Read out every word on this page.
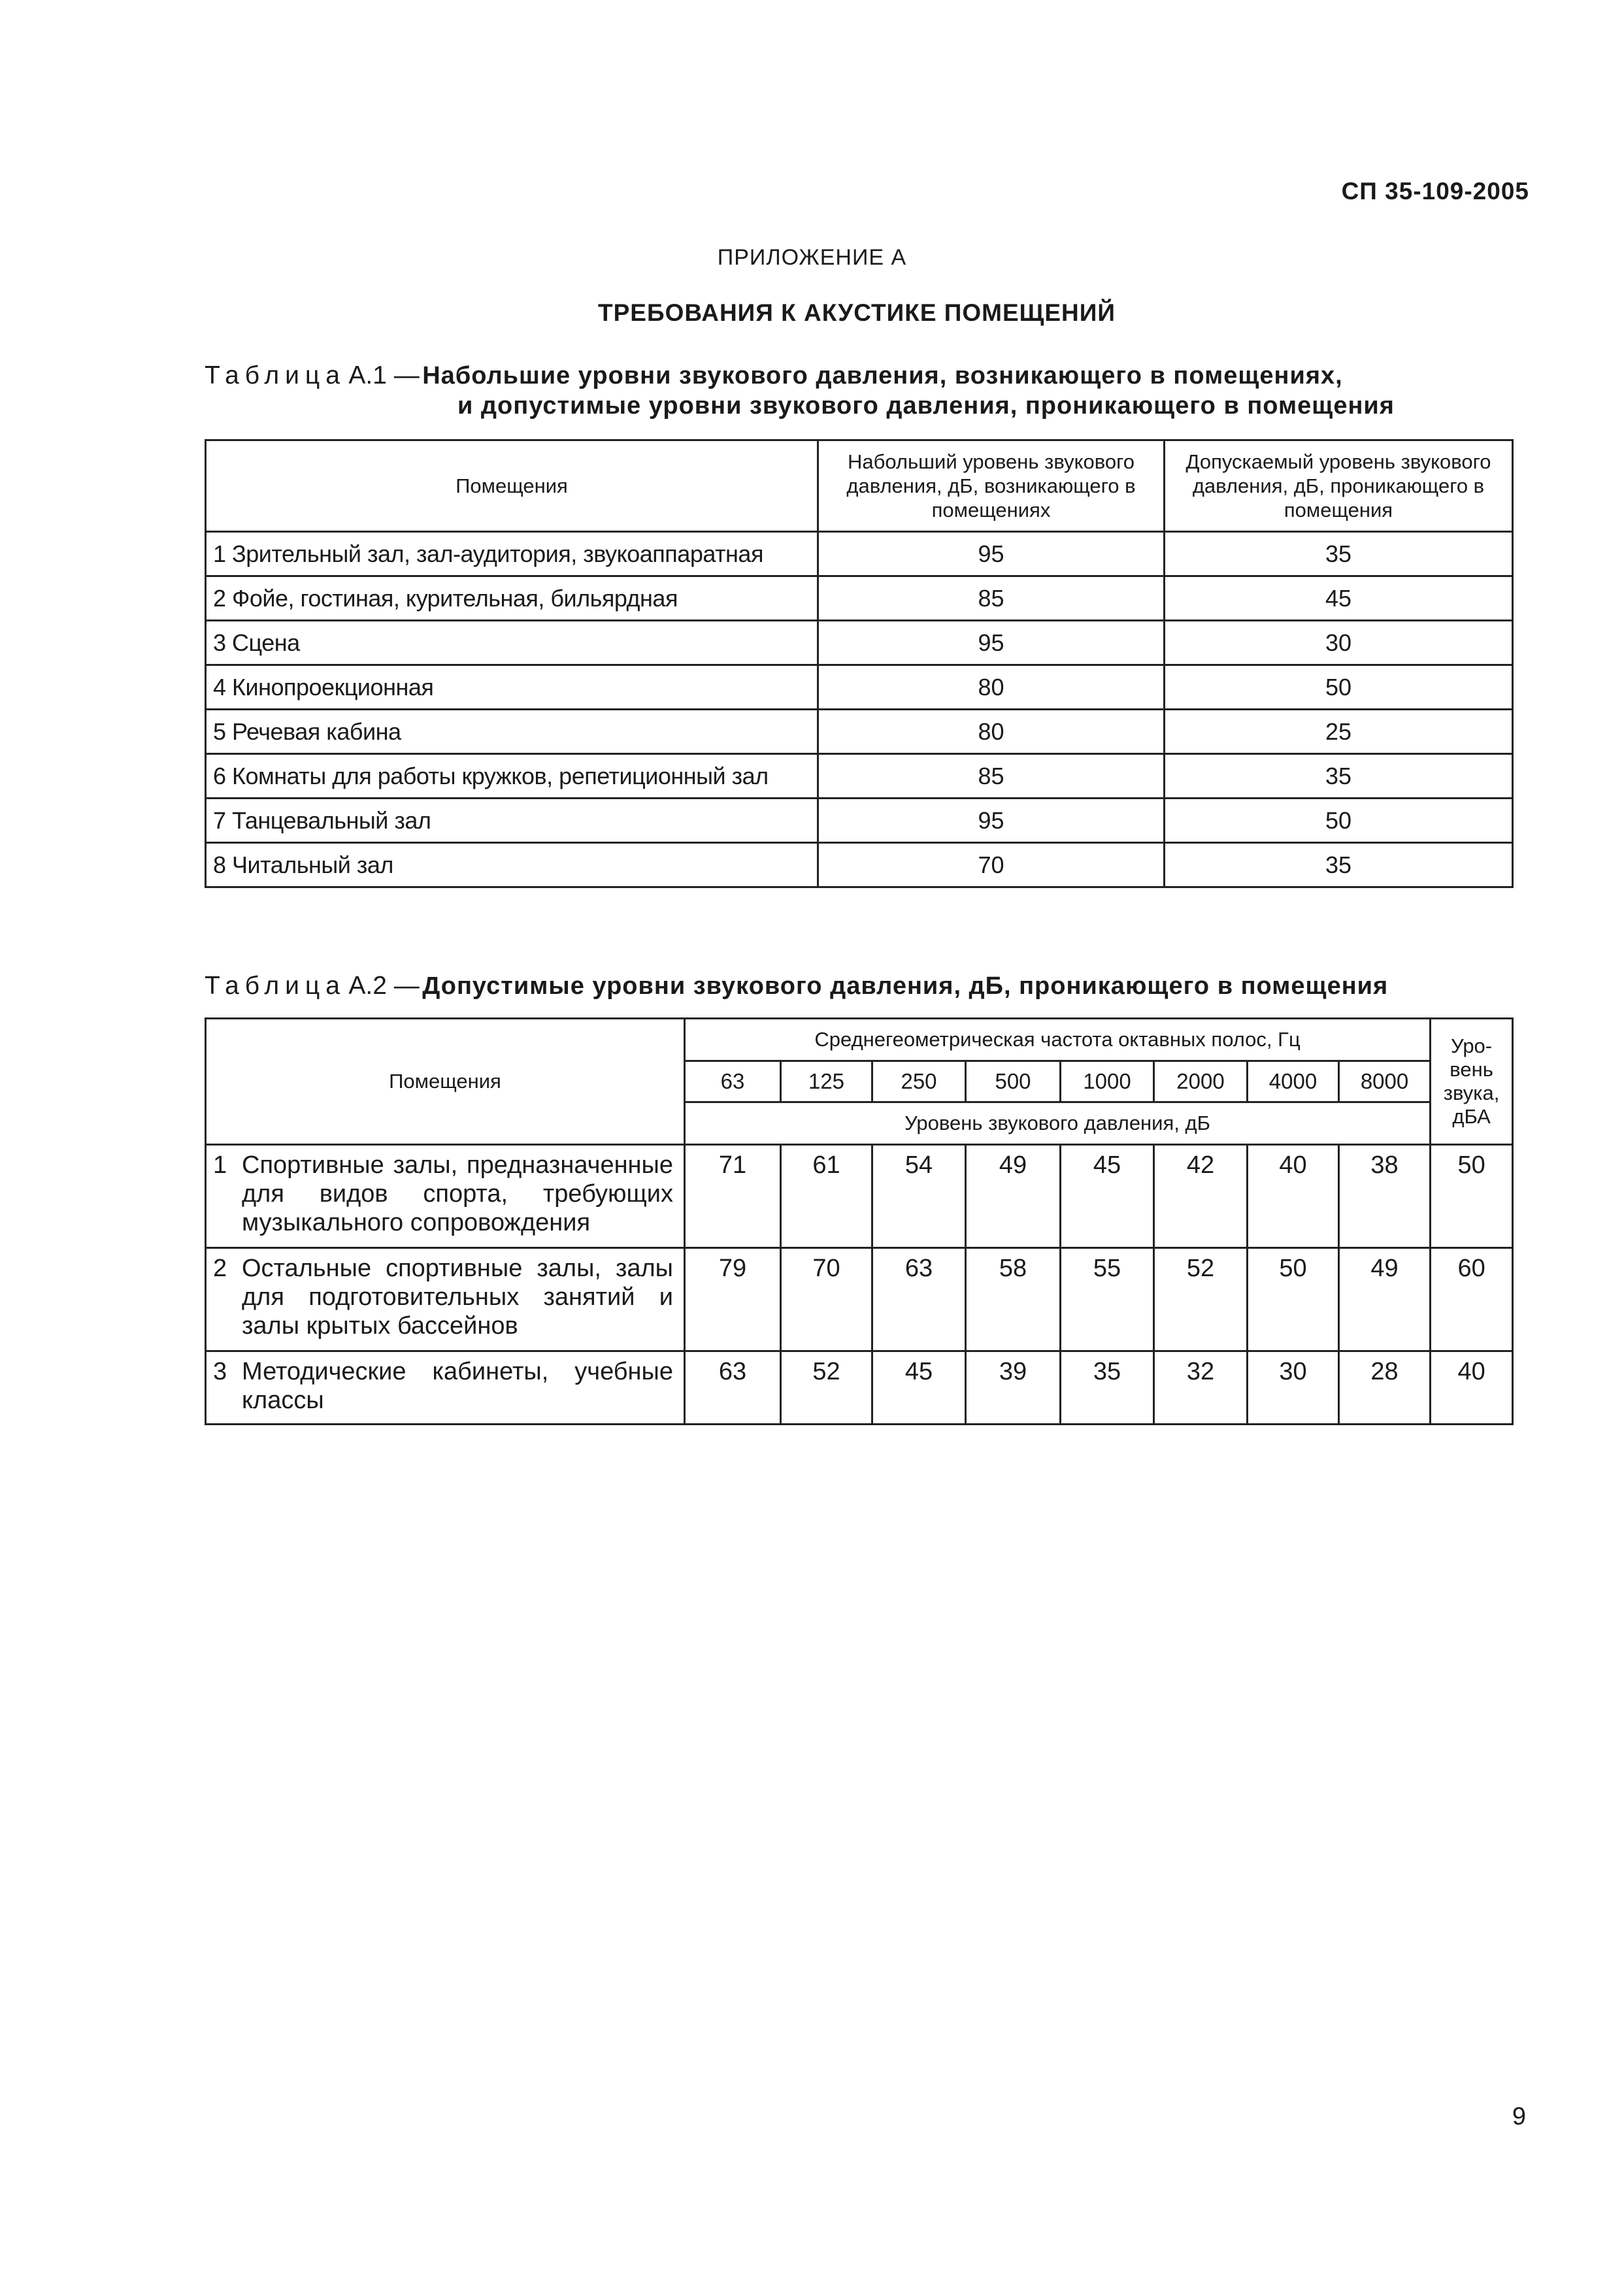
СП 35-109-2005
ПРИЛОЖЕНИЕ А
ТРЕБОВАНИЯ К АКУСТИКЕ ПОМЕЩЕНИЙ
Таблица А.1 — Набольшие уровни звукового давления, возникающего в помещениях,
и допустимые уровни звукового давления, проникающего в помещения
Помещения	Набольший уровень звукового давления, дБ, возникающего в помещениях	Допускаемый уровень звукового давления, дБ, проникающего в помещения
1 Зрительный зал, зал-аудитория, звукоаппаратная	95	35
2 Фойе, гостиная, курительная, бильярдная	85	45
3 Сцена	95	30
4 Кинопроекционная	80	50
5 Речевая кабина	80	25
6 Комнаты для работы кружков, репетиционный зал	85	35
7 Танцевальный зал	95	50
8 Читальный зал	70	35
Таблица А.2 — Допустимые уровни звукового давления, дБ, проникающего в помещения
Помещения	Среднегеометрическая частота октавных полос, Гц								Уро-вень звука, дБА
	63	125	250	500	1000	2000	4000	8000	
	Уровень звукового давления, дБ								
1 Спортивные залы, предназначенные для видов спорта, требующих музыкального сопровождения	71	61	54	49	45	42	40	38	50
2 Остальные спортивные залы, залы для подготовительных занятий и залы крытых бассейнов	79	70	63	58	55	52	50	49	60
3 Методические кабинеты, учебные классы	63	52	45	39	35	32	30	28	40
9
